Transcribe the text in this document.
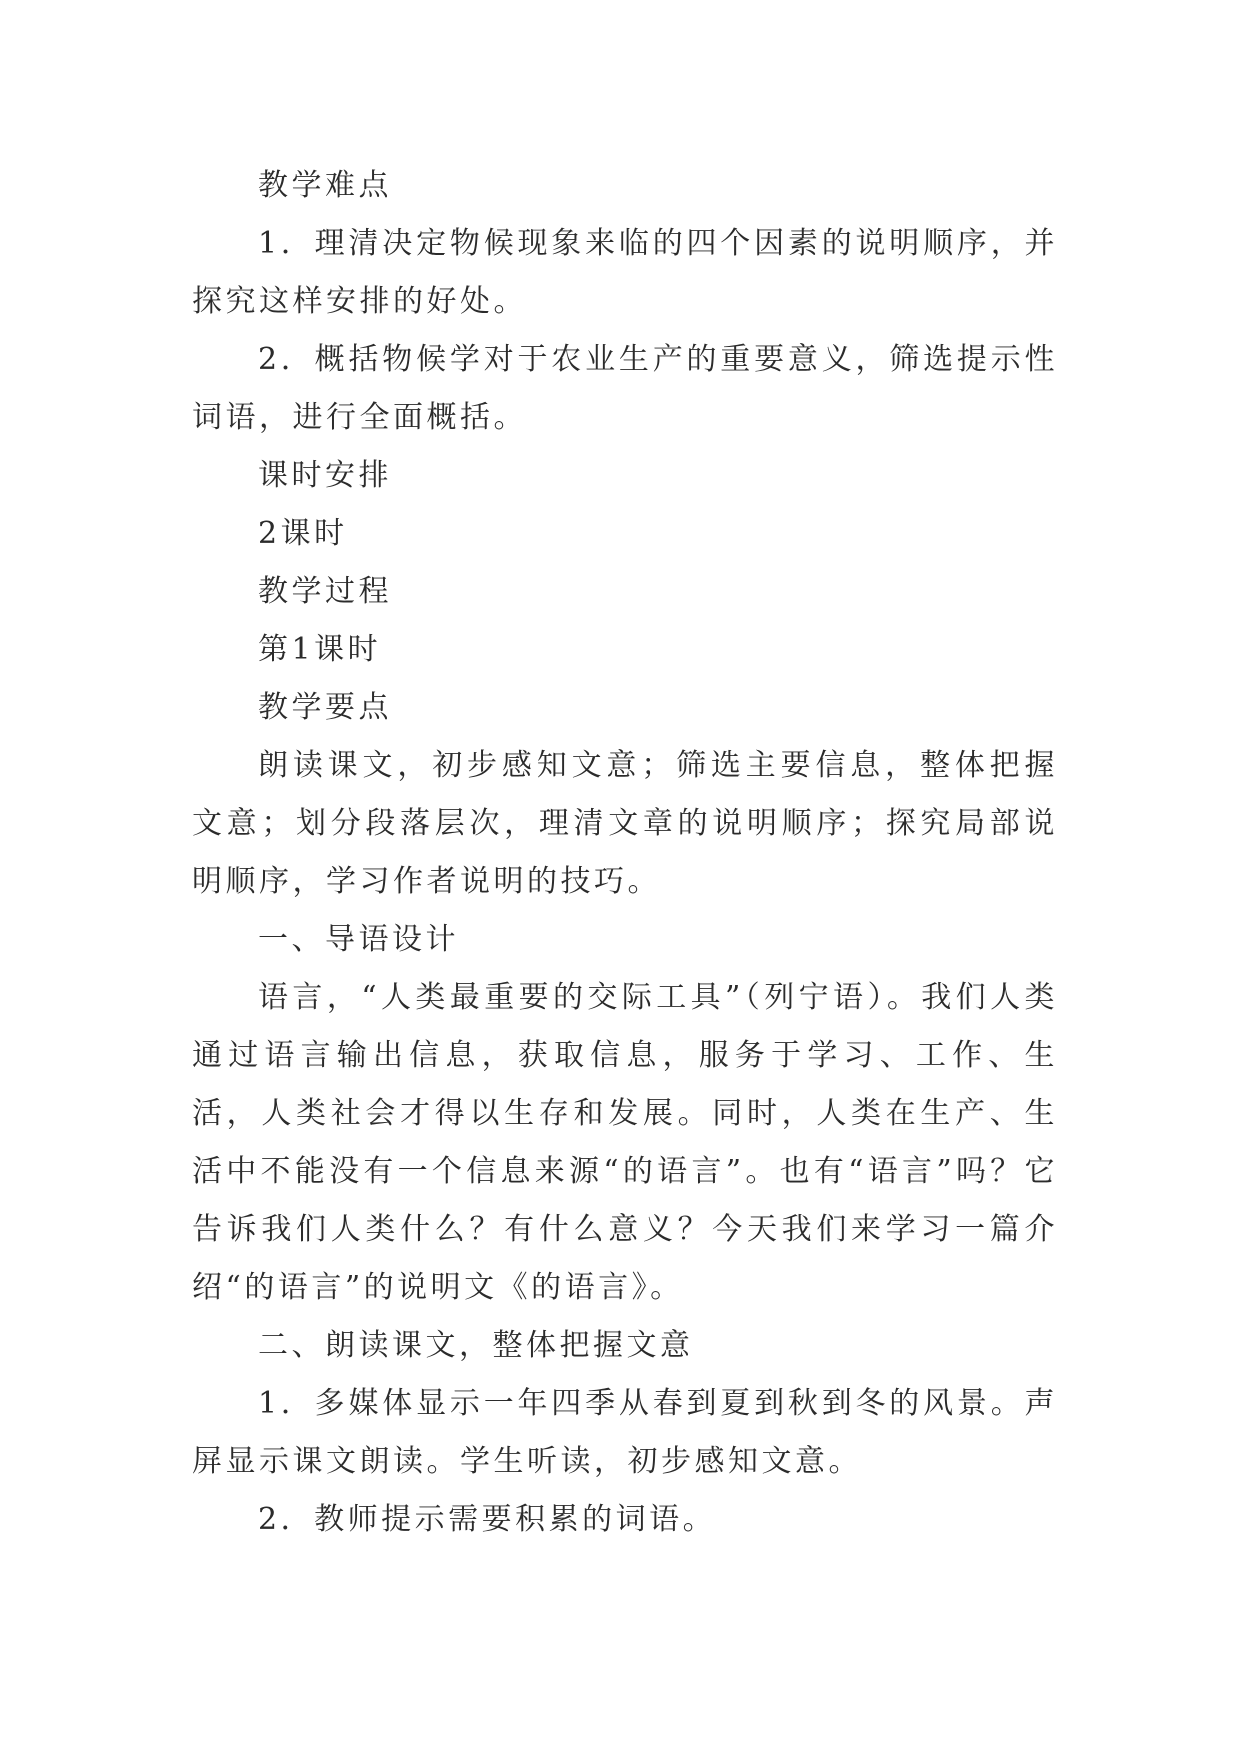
教学难点

1．理清决定物候现象来临的四个因素的说明顺序，并探究这样安排的好处。

2．概括物候学对于农业生产的重要意义，筛选提示性词语，进行全面概括。

课时安排

2课时

教学过程

第1课时

教学要点

朗读课文，初步感知文意；筛选主要信息，整体把握文意；划分段落层次，理清文章的说明顺序；探究局部说明顺序，学习作者说明的技巧。

一、导语设计

语言，“人类最重要的交际工具”（列宁语）。我们人类通过语言输出信息，获取信息，服务于学习、工作、生活，人类社会才得以生存和发展。同时，人类在生产、生活中不能没有一个信息来源“的语言”。也有“语言”吗？它告诉我们人类什么？有什么意义？今天我们来学习一篇介绍“的语言”的说明文《的语言》。

二、朗读课文，整体把握文意

1．多媒体显示一年四季从春到夏到秋到冬的风景。声屏显示课文朗读。学生听读，初步感知文意。

2．教师提示需要积累的词语。
